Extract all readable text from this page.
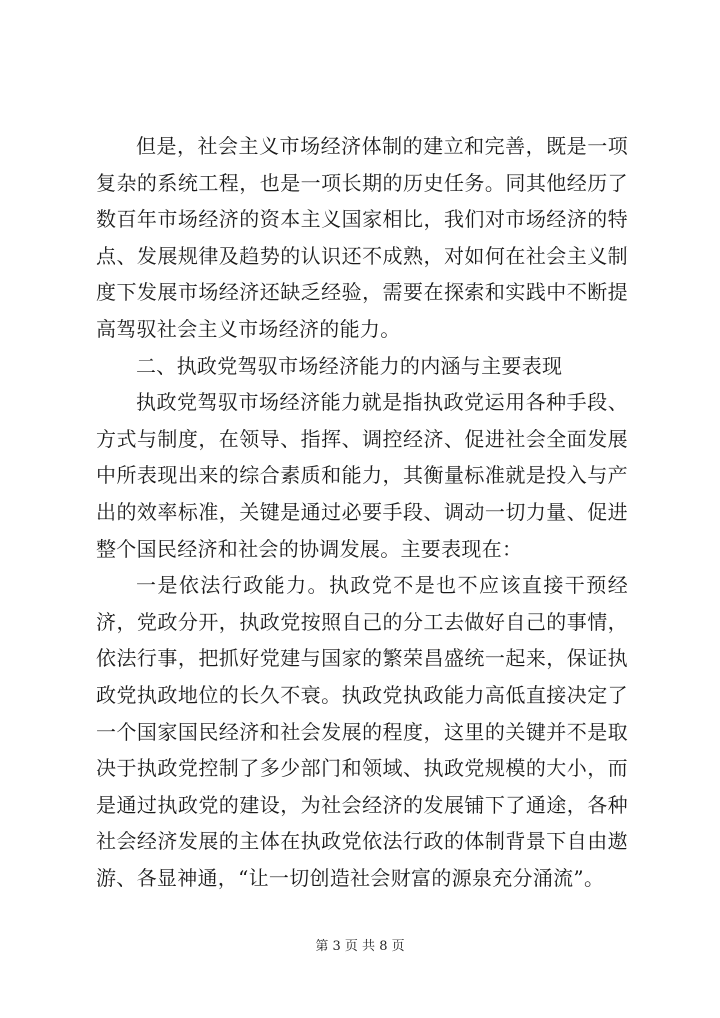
但是，社会主义市场经济体制的建立和完善，既是一项复杂的系统工程，也是一项长期的历史任务。同其他经历了数百年市场经济的资本主义国家相比，我们对市场经济的特点、发展规律及趋势的认识还不成熟，对如何在社会主义制度下发展市场经济还缺乏经验，需要在探索和实践中不断提高驾驭社会主义市场经济的能力。

二、执政党驾驭市场经济能力的内涵与主要表现

执政党驾驭市场经济能力就是指执政党运用各种手段、方式与制度，在领导、指挥、调控经济、促进社会全面发展中所表现出来的综合素质和能力，其衡量标准就是投入与产出的效率标准，关键是通过必要手段、调动一切力量、促进整个国民经济和社会的协调发展。主要表现在：

一是依法行政能力。执政党不是也不应该直接干预经济，党政分开，执政党按照自己的分工去做好自己的事情，依法行事，把抓好党建与国家的繁荣昌盛统一起来，保证执政党执政地位的长久不衰。执政党执政能力高低直接决定了一个国家国民经济和社会发展的程度，这里的关键并不是取决于执政党控制了多少部门和领域、执政党规模的大小，而是通过执政党的建设，为社会经济的发展铺下了通途，各种社会经济发展的主体在执政党依法行政的体制背景下自由遨游、各显神通，“让一切创造社会财富的源泉充分涌流”。

第 3 页 共 8 页
